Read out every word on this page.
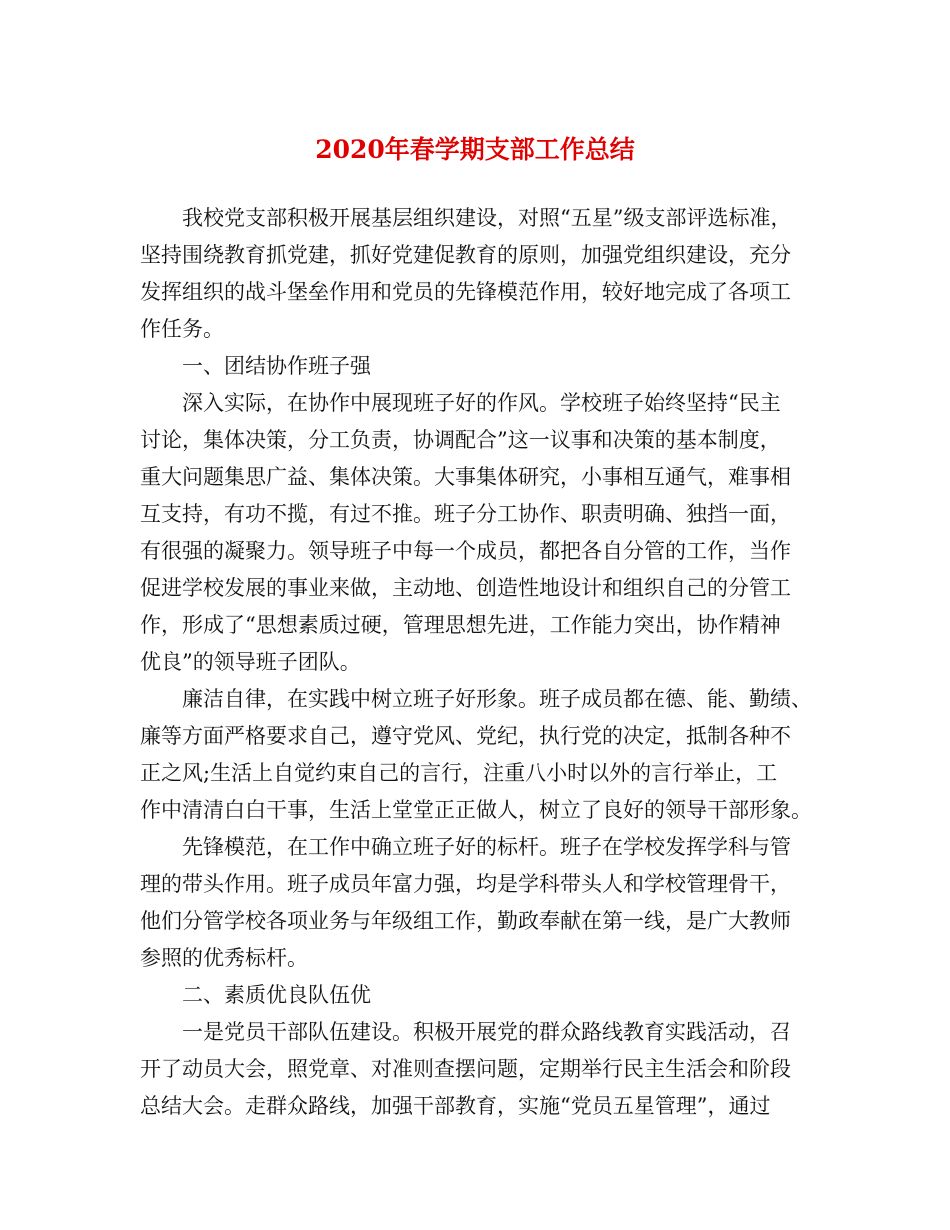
2020年春学期支部工作总结
　　我校党支部积极开展基层组织建设，对照“五星”级支部评选标准，
坚持围绕教育抓党建，抓好党建促教育的原则，加强党组织建设，充分
发挥组织的战斗堡垒作用和党员的先锋模范作用，较好地完成了各项工
作任务。
　　一、团结协作班子强
　　深入实际，在协作中展现班子好的作风。学校班子始终坚持“民主
讨论，集体决策，分工负责，协调配合”这一议事和决策的基本制度，
重大问题集思广益、集体决策。大事集体研究，小事相互通气，难事相
互支持，有功不揽，有过不推。班子分工协作、职责明确、独挡一面，
有很强的凝聚力。领导班子中每一个成员，都把各自分管的工作，当作
促进学校发展的事业来做，主动地、创造性地设计和组织自己的分管工
作，形成了“思想素质过硬，管理思想先进，工作能力突出，协作精神
优良”的领导班子团队。
　　廉洁自律，在实践中树立班子好形象。班子成员都在德、能、勤绩、
廉等方面严格要求自己，遵守党风、党纪，执行党的决定，抵制各种不
正之风;生活上自觉约束自己的言行，注重八小时以外的言行举止，工
作中清清白白干事，生活上堂堂正正做人，树立了良好的领导干部形象。
　　先锋模范，在工作中确立班子好的标杆。班子在学校发挥学科与管
理的带头作用。班子成员年富力强，均是学科带头人和学校管理骨干，
他们分管学校各项业务与年级组工作，勤政奉献在第一线，是广大教师
参照的优秀标杆。
　　二、素质优良队伍优
　　一是党员干部队伍建设。积极开展党的群众路线教育实践活动，召
开了动员大会，照党章、对准则查摆问题，定期举行民主生活会和阶段
总结大会。走群众路线，加强干部教育，实施“党员五星管理”，通过
